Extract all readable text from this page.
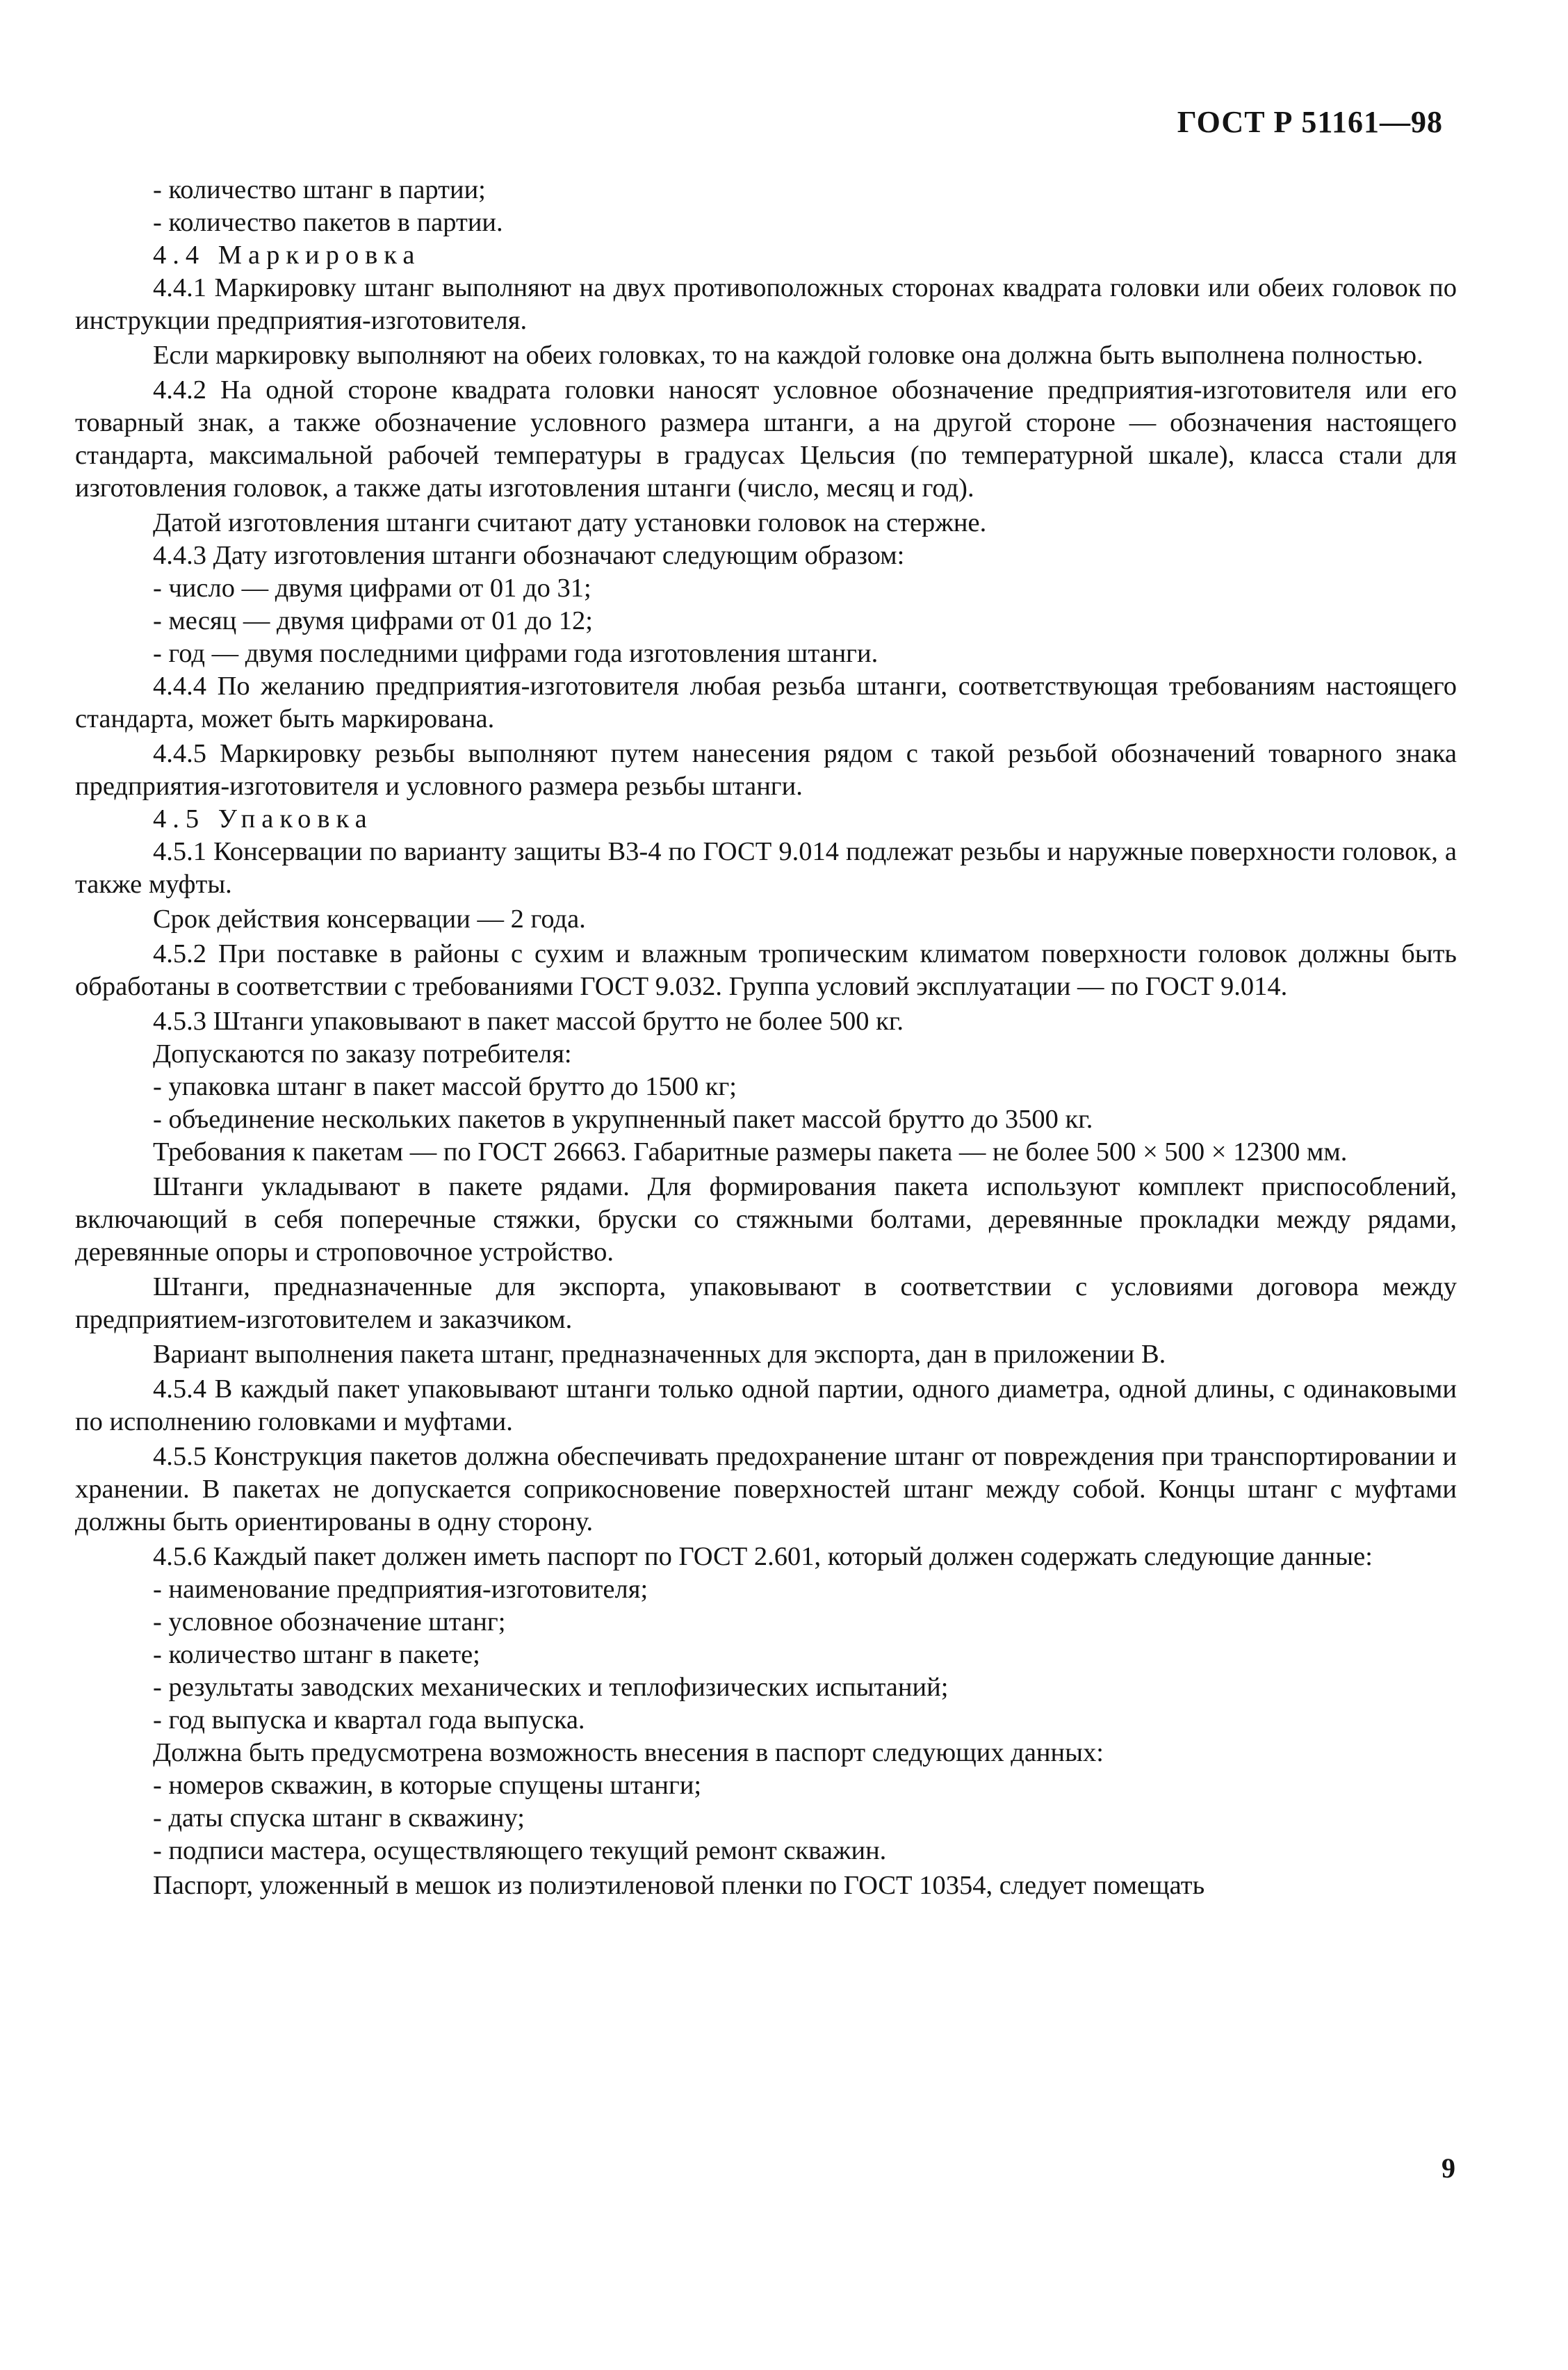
ГОСТ Р 51161—98

- количество штанг в партии;

- количество пакетов в партии.

4.4 Маркировка

4.4.1 Маркировку штанг выполняют на двух противоположных сторонах квадрата головки или обеих головок по инструкции предприятия-изготовителя.

Если маркировку выполняют на обеих головках, то на каждой головке она должна быть выполнена полностью.

4.4.2 На одной стороне квадрата головки наносят условное обозначение предприятия-изготовителя или его товарный знак, а также обозначение условного размера штанги, а на другой стороне — обозначения настоящего стандарта, максимальной рабочей температуры в градусах Цельсия (по температурной шкале), класса стали для изготовления головок, а также даты изготовления штанги (число, месяц и год).

Датой изготовления штанги считают дату установки головок на стержне.

4.4.3 Дату изготовления штанги обозначают следующим образом:

- число — двумя цифрами от 01 до 31;

- месяц — двумя цифрами от 01 до 12;

- год — двумя последними цифрами года изготовления штанги.

4.4.4 По желанию предприятия-изготовителя любая резьба штанги, соответствующая требованиям настоящего стандарта, может быть маркирована.

4.4.5 Маркировку резьбы выполняют путем нанесения рядом с такой резьбой обозначений товарного знака предприятия-изготовителя и условного размера резьбы штанги.

4.5 Упаковка

4.5.1 Консервации по варианту защиты В3-4 по ГОСТ 9.014 подлежат резьбы и наружные поверхности головок, а также муфты.

Срок действия консервации — 2 года.

4.5.2 При поставке в районы с сухим и влажным тропическим климатом поверхности головок должны быть обработаны в соответствии с требованиями ГОСТ 9.032. Группа условий эксплуатации — по ГОСТ 9.014.

4.5.3 Штанги упаковывают в пакет массой брутто не более 500 кг.

Допускаются по заказу потребителя:

- упаковка штанг в пакет массой брутто до 1500 кг;

- объединение нескольких пакетов в укрупненный пакет массой брутто до 3500 кг.

Требования к пакетам — по ГОСТ 26663. Габаритные размеры пакета — не более 500 × 500 × 12300 мм.

Штанги укладывают в пакете рядами. Для формирования пакета используют комплект приспособлений, включающий в себя поперечные стяжки, бруски со стяжными болтами, деревянные прокладки между рядами, деревянные опоры и строповочное устройство.

Штанги, предназначенные для экспорта, упаковывают в соответствии с условиями договора между предприятием-изготовителем и заказчиком.

Вариант выполнения пакета штанг, предназначенных для экспорта, дан в приложении В.

4.5.4 В каждый пакет упаковывают штанги только одной партии, одного диаметра, одной длины, с одинаковыми по исполнению головками и муфтами.

4.5.5 Конструкция пакетов должна обеспечивать предохранение штанг от повреждения при транспортировании и хранении. В пакетах не допускается соприкосновение поверхностей штанг между собой. Концы штанг с муфтами должны быть ориентированы в одну сторону.

4.5.6 Каждый пакет должен иметь паспорт по ГОСТ 2.601, который должен содержать следующие данные:

- наименование предприятия-изготовителя;

- условное обозначение штанг;

- количество штанг в пакете;

- результаты заводских механических и теплофизических испытаний;

- год выпуска и квартал года выпуска.

Должна быть предусмотрена возможность внесения в паспорт следующих данных:

- номеров скважин, в которые спущены штанги;

- даты спуска штанг в скважину;

- подписи мастера, осуществляющего текущий ремонт скважин.

Паспорт, уложенный в мешок из полиэтиленовой пленки по ГОСТ 10354, следует помещать

9
